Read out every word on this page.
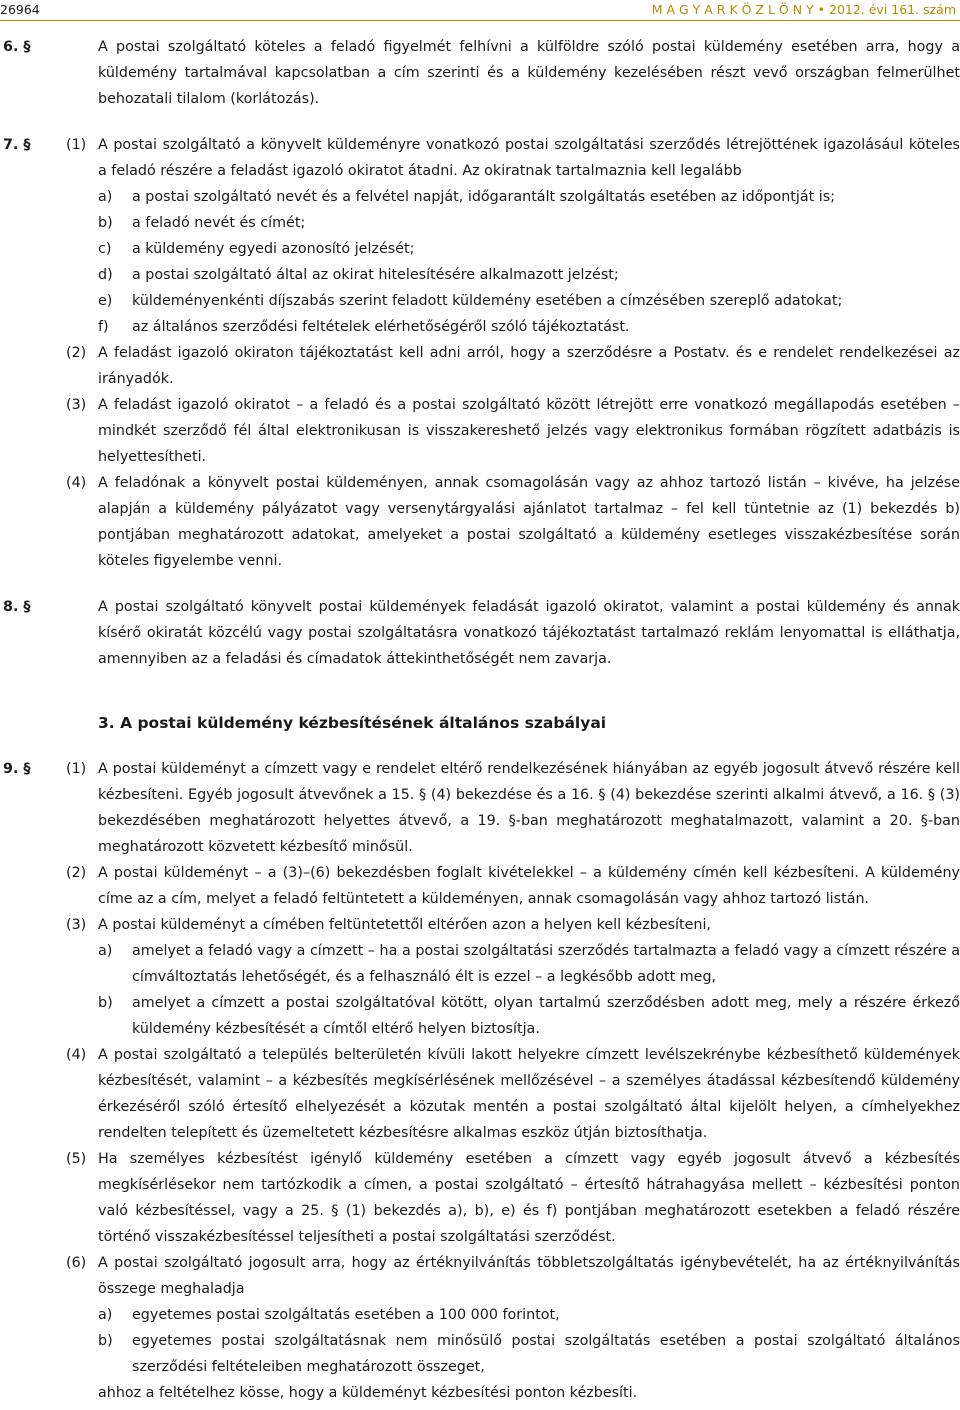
26964	M A G Y A R K Ö Z L Ö N Y • 2012. évi 161. szám
6. §	A postai szolgáltató köteles a feladó figyelmét felhívni a külföldre szóló postai küldemény esetében arra, hogy a küldemény tartalmával kapcsolatban a cím szerinti és a küldemény kezelésében részt vevő országban felmerülhet behozatali tilalom (korlátozás).
7. § (1) A postai szolgáltató a könyvelt küldeményre vonatkozó postai szolgáltatási szerződés létrejöttének igazolásául köteles a feladó részére a feladást igazoló okiratot átadni. Az okiratnak tartalmaznia kell legalább
a) a postai szolgáltató nevét és a felvétel napját, időgarantált szolgáltatás esetében az időpontját is;
b) a feladó nevét és címét;
c) a küldemény egyedi azonosító jelzését;
d) a postai szolgáltató által az okirat hitelesítésére alkalmazott jelzést;
e) küldeményenkénti díjszabás szerint feladott küldemény esetében a címzésében szereplő adatokat;
f) az általános szerződési feltételek elérhetőségéről szóló tájékoztatást.
(2) A feladást igazoló okiraton tájékoztatást kell adni arról, hogy a szerződésre a Postatv. és e rendelet rendelkezései az irányadók.
(3) A feladást igazoló okiratot – a feladó és a postai szolgáltató között létrejött erre vonatkozó megállapodás esetében – mindkét szerződő fél által elektronikusan is visszakereshető jelzés vagy elektronikus formában rögzített adatbázis is helyettesítheti.
(4) A feladónak a könyvelt postai küldeményen, annak csomagolásán vagy az ahhoz tartozó listán – kivéve, ha jelzése alapján a küldemény pályázatot vagy versenytárgyalási ajánlatot tartalmaz – fel kell tüntetnie az (1) bekezdés b) pontjában meghatározott adatokat, amelyeket a postai szolgáltató a küldemény esetleges visszakézbesítése során köteles figyelembe venni.
8. §	A postai szolgáltató könyvelt postai küldemények feladását igazoló okiratot, valamint a postai küldemény és annak kísérő okiratát közcélú vagy postai szolgáltatásra vonatkozó tájékoztatást tartalmazó reklám lenyomattal is elláthatja, amennyiben az a feladási és címadatok áttekinthetőségét nem zavarja.
3. A postai küldemény kézbesítésének általános szabályai
9. § (1) A postai küldeményt a címzett vagy e rendelet eltérő rendelkezésének hiányában az egyéb jogosult átvevő részére kell kézbesíteni. Egyéb jogosult átvevőnek a 15. § (4) bekezdése és a 16. § (4) bekezdése szerinti alkalmi átvevő, a 16. § (3) bekezdésében meghatározott helyettes átvevő, a 19. §-ban meghatározott meghatalmazott, valamint a 20. §-ban meghatározott közvetett kézbesítő minősül.
(2) A postai küldeményt – a (3)–(6) bekezdésben foglalt kivételekkel – a küldemény címén kell kézbesíteni. A küldemény címe az a cím, melyet a feladó feltüntetett a küldeményen, annak csomagolásán vagy ahhoz tartozó listán.
(3) A postai küldeményt a címében feltüntetettől eltérően azon a helyen kell kézbesíteni,
a) amelyet a feladó vagy a címzett – ha a postai szolgáltatási szerződés tartalmazta a feladó vagy a címzett részére a címváltoztatás lehetőségét, és a felhasználó élt is ezzel – a legkésőbb adott meg,
b) amelyet a címzett a postai szolgáltatóval kötött, olyan tartalmú szerződésben adott meg, mely a részére érkező küldemény kézbesítését a címtől eltérő helyen biztosítja.
(4) A postai szolgáltató a település belterületén kívüli lakott helyekre címzett levélszekrénybe kézbesíthető küldemények kézbesítését, valamint – a kézbesítés megkísérlésének mellőzésével – a személyes átadással kézbesítendő küldemény érkezéséről szóló értesítő elhelyezését a közutak mentén a postai szolgáltató által kijelölt helyen, a címhelyekhez rendelten telepített és üzemeltetett kézbesítésre alkalmas eszköz útján biztosíthatja.
(5) Ha személyes kézbesítést igénylő küldemény esetében a címzett vagy egyéb jogosult átvevő a kézbesítés megkísérlésekor nem tartózkodik a címen, a postai szolgáltató – értesítő hátrahagyása mellett – kézbesítési ponton való kézbesítéssel, vagy a 25. § (1) bekezdés a), b), e) és f) pontjában meghatározott esetekben a feladó részére történő visszakézbesítéssel teljesítheti a postai szolgáltatási szerződést.
(6) A postai szolgáltató jogosult arra, hogy az értéknyilvánítás többletszolgáltatás igénybevételét, ha az értéknyilvánítás összege meghaladja
a) egyetemes postai szolgáltatás esetében a 100 000 forintot,
b) egyetemes postai szolgáltatásnak nem minősülő postai szolgáltatás esetében a postai szolgáltató általános szerződési feltételeiben meghatározott összeget,
ahhoz a feltételhez kösse, hogy a küldeményt kézbesítési ponton kézbesíti.
